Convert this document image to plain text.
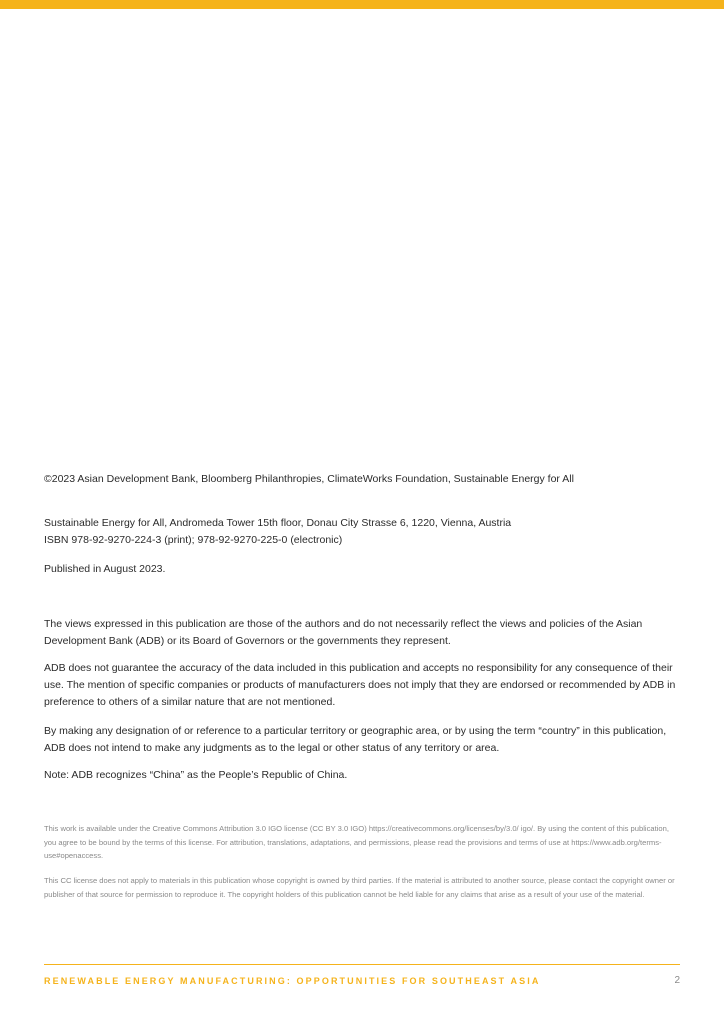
©2023 Asian Development Bank, Bloomberg Philanthropies, ClimateWorks Foundation, Sustainable Energy for All

Sustainable Energy for All, Andromeda Tower 15th floor, Donau City Strasse 6, 1220, Vienna, Austria

ISBN 978-92-9270-224-3 (print); 978-92-9270-225-0 (electronic)

Published in August 2023.

The views expressed in this publication are those of the authors and do not necessarily reflect the views and policies of the Asian Development Bank (ADB) or its Board of Governors or the governments they represent.

ADB does not guarantee the accuracy of the data included in this publication and accepts no responsibility for any consequence of their use. The mention of specific companies or products of manufacturers does not imply that they are endorsed or recommended by ADB in preference to others of a similar nature that are not mentioned.

By making any designation of or reference to a particular territory or geographic area, or by using the term “country” in this publication, ADB does not intend to make any judgments as to the legal or other status of any territory or area.

Note: ADB recognizes “China” as the People’s Republic of China.

This work is available under the Creative Commons Attribution 3.0 IGO license (CC BY 3.0 IGO) https://creativecommons.org/licenses/by/3.0/ igo/. By using the content of this publication, you agree to be bound by the terms of this license. For attribution, translations, adaptations, and permissions, please read the provisions and terms of use at https://www.adb.org/terms-use#openaccess.

This CC license does not apply to materials in this publication whose copyright is owned by third parties. If the material is attributed to another source, please contact the copyright owner or publisher of that source for permission to reproduce it. The copyright holders of this publication cannot be held liable for any claims that arise as a result of your use of the material.

RENEWABLE ENERGY MANUFACTURING: OPPORTUNITIES FOR SOUTHEAST ASIA	2
